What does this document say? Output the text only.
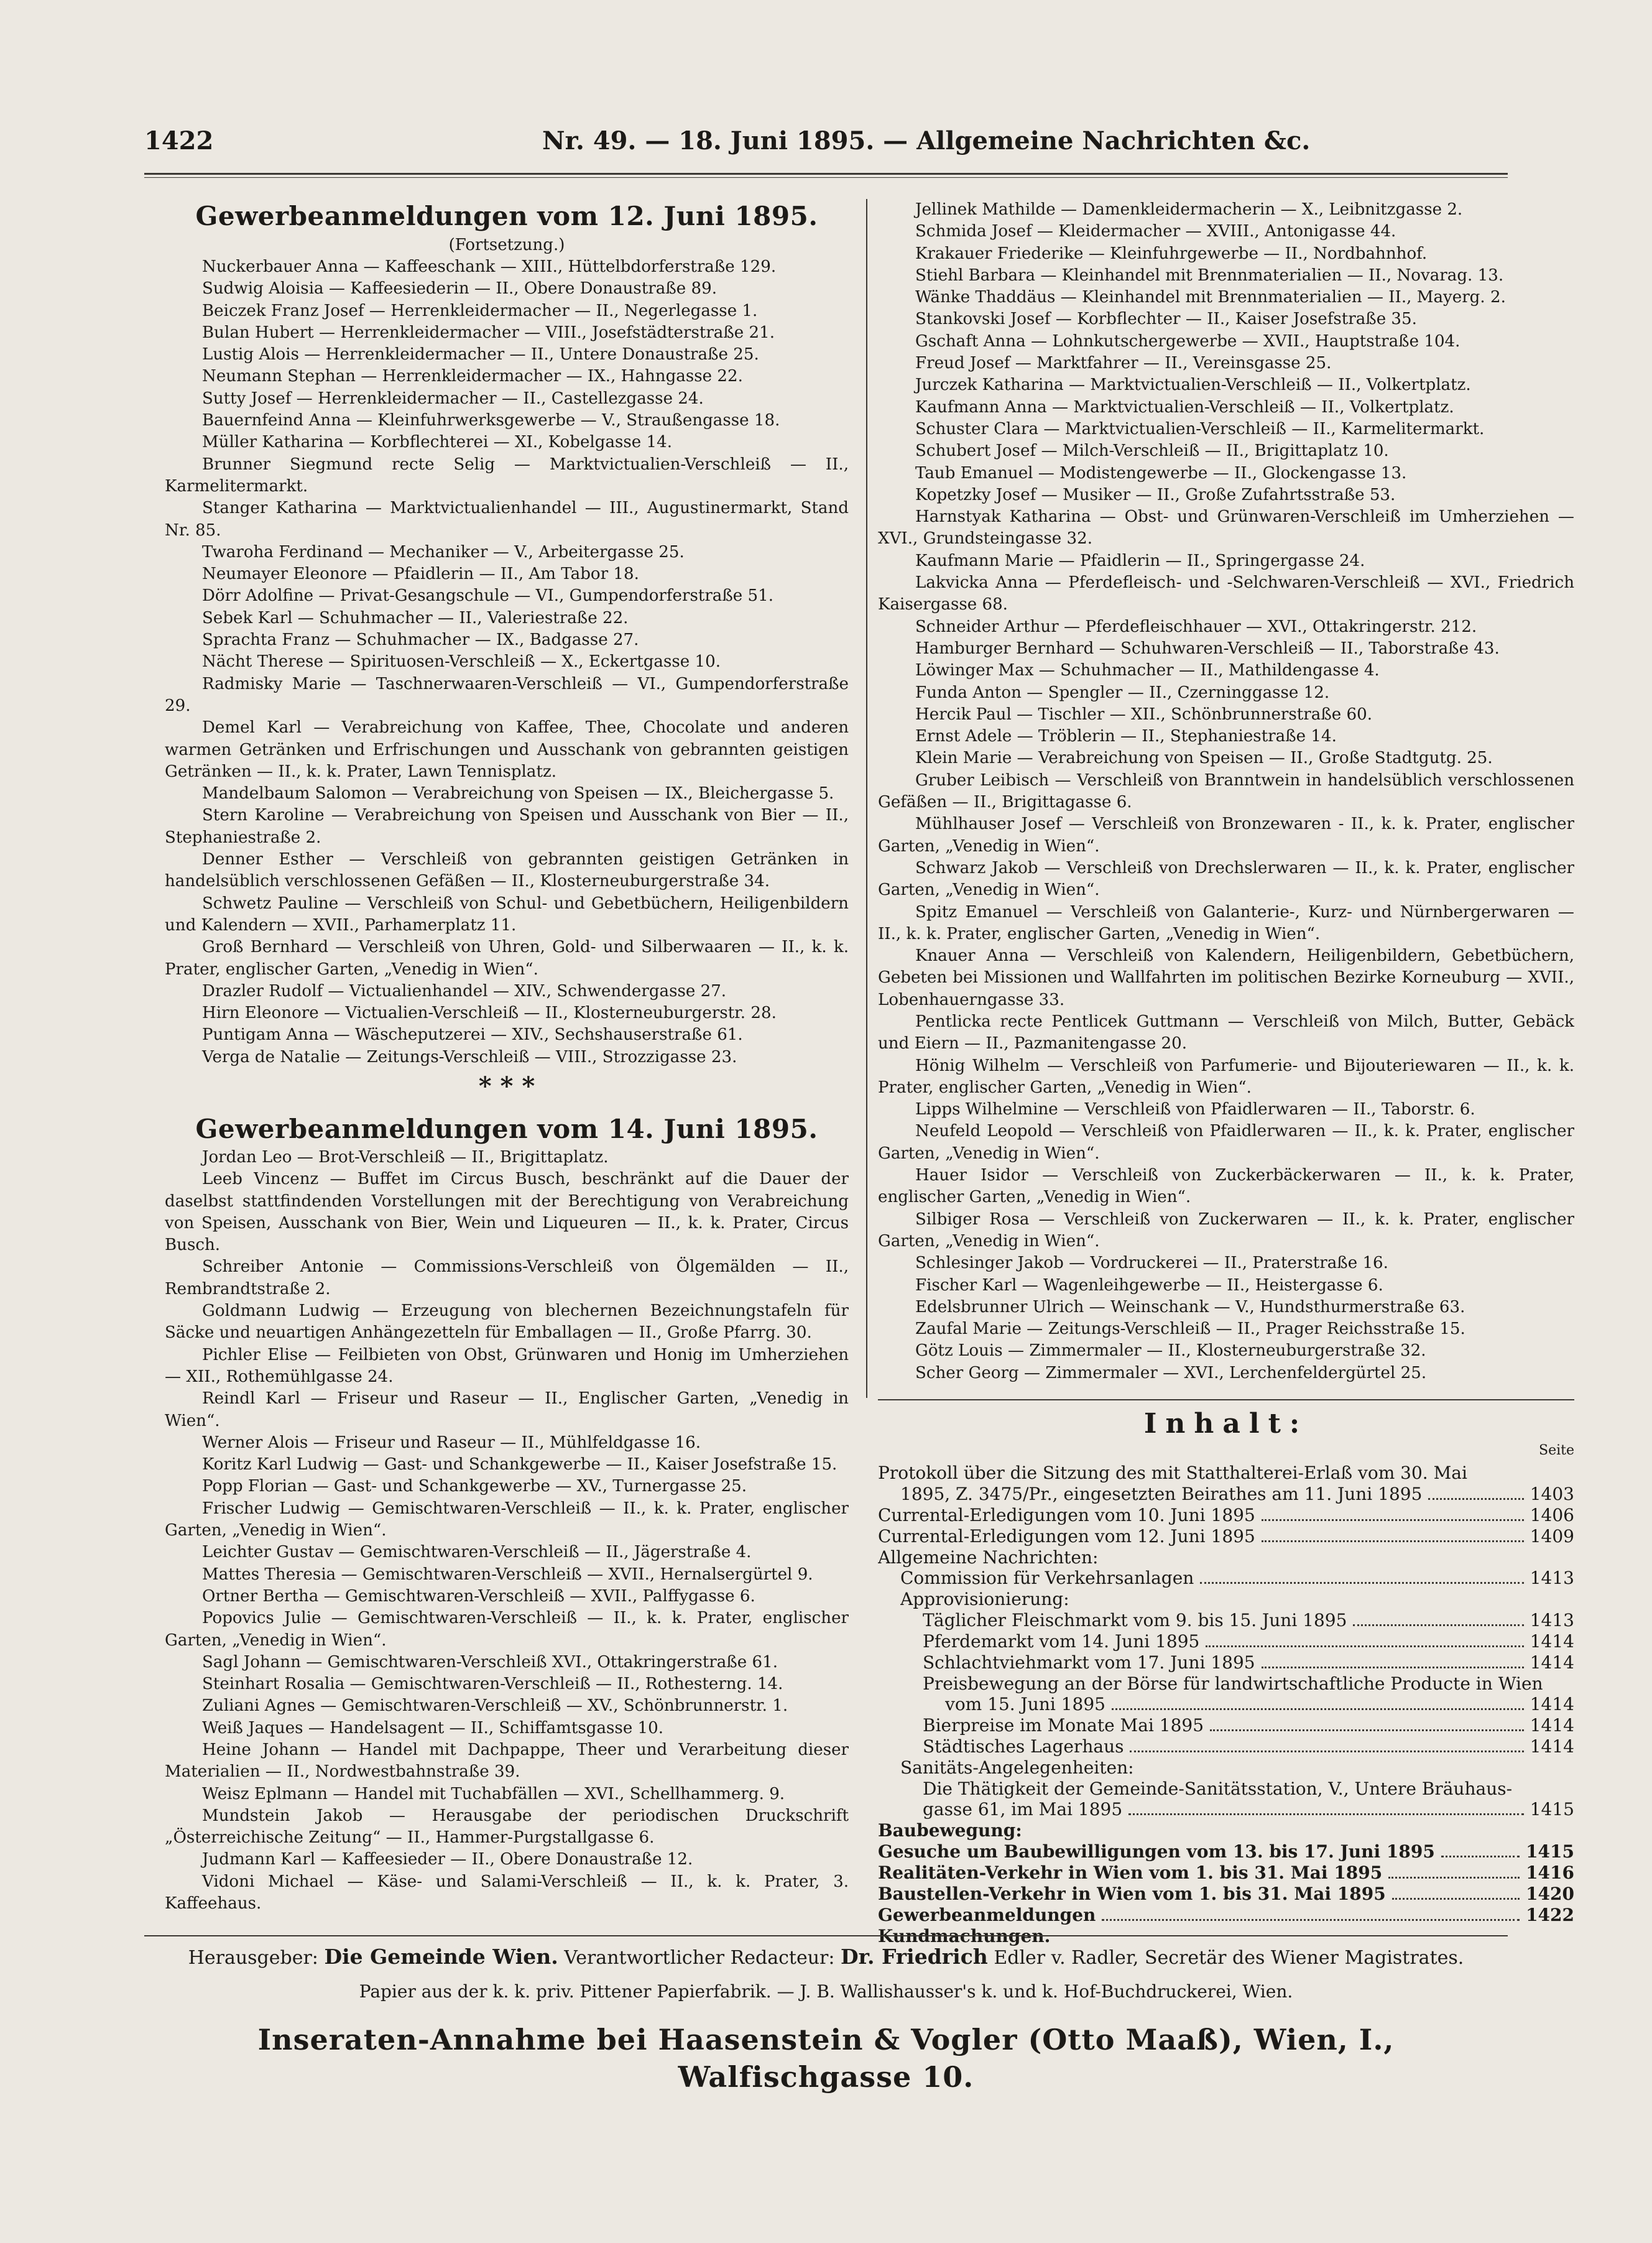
1422	Nr. 49. — 18. Juni 1895. — Allgemeine Nachrichten &c.
Gewerbeanmeldungen vom 12. Juni 1895.
(Fortsetzung.)
Nuckerbauer Anna — Kaffeeschank — XIII., Hüttelbdorferstraße 129.
Sudwig Aloisia — Kaffeesiederin — II., Obere Donaustraße 89.
Beiczek Franz Josef — Herrenkleidermacher — II., Negerlegasse 1.
Bulan Hubert — Herrenkleidermacher — VIII., Josefstädterstraße 21.
Lustig Alois — Herrenkleidermacher — II., Untere Donaustraße 25.
Neumann Stephan — Herrenkleidermacher — IX., Hahngasse 22.
Sutty Josef — Herrenkleidermacher — II., Castellezgasse 24.
Bauernfeind Anna — Kleinfuhrwerksgewerbe — V., Straußengasse 18.
Müller Katharina — Korbflechterei — XI., Kobelgasse 14.
Brunner Siegmund recte Selig — Marktvictualien-Verschleiß — II., Karmelitermarkt.
Stanger Katharina — Marktvictualienhandel — III., Augustinermarkt, Stand Nr. 85.
Twaroha Ferdinand — Mechaniker — V., Arbeitergasse 25.
Neumayer Eleonore — Pfaidlerin — II., Am Tabor 18.
Dörr Adolfine — Privat-Gesangschule — VI., Gumpendorferstraße 51.
Sebek Karl — Schuhmacher — II., Valeriestraße 22.
Sprachta Franz — Schuhmacher — IX., Badgasse 27.
Nächt Therese — Spirituosen-Verschleiß — X., Eckertgasse 10.
Radmisky Marie — Taschnerwaaren-Verschleiß — VI., Gumpendorferstraße 29.
Demel Karl — Verabreichung von Kaffee, Thee, Chocolate und anderen warmen Getränken und Erfrischungen und Ausschank von gebrannten geistigen Getränken — II., k. k. Prater, Lawn Tennisplatz.
Mandelbaum Salomon — Verabreichung von Speisen — IX., Bleichergasse 5.
Stern Karoline — Verabreichung von Speisen und Ausschank von Bier — II., Stephaniestraße 2.
Denner Esther — Verschleiß von gebrannten geistigen Getränken in handelsüblich verschlossenen Gefäßen — II., Klosterneuburgerstraße 34.
Schwetz Pauline — Verschleiß von Schul- und Gebetbüchern, Heiligenbildern und Kalendern — XVII., Parhamerplatz 11.
Groß Bernhard — Verschleiß von Uhren, Gold- und Silberwaaren — II., k. k. Prater, englischer Garten, „Venedig in Wien“.
Drazler Rudolf — Victualienhandel — XIV., Schwendergasse 27.
Hirn Eleonore — Victualien-Verschleiß — II., Klosterneuburgerstr. 28.
Puntigam Anna — Wäscheputzerei — XIV., Sechshauserstraße 61.
Verga de Natalie — Zeitungs-Verschleiß — VIII., Strozzigasse 23.
* * *
Gewerbeanmeldungen vom 14. Juni 1895.
Jordan Leo — Brot-Verschleiß — II., Brigittaplatz.
Leeb Vincenz — Buffet im Circus Busch, beschränkt auf die Dauer der daselbst stattfindenden Vorstellungen mit der Berechtigung von Verabreichung von Speisen, Ausschank von Bier, Wein und Liqueuren — II., k. k. Prater, Circus Busch.
Schreiber Antonie — Commissions-Verschleiß von Ölgemälden — II., Rembrandtstraße 2.
Goldmann Ludwig — Erzeugung von blechernen Bezeichnungstafeln für Säcke und neuartigen Anhängezetteln für Emballagen — II., Große Pfarrg. 30.
Pichler Elise — Feilbieten von Obst, Grünwaren und Honig im Umherziehen — XII., Rothemühlgasse 24.
Reindl Karl — Friseur und Raseur — II., Englischer Garten, „Venedig in Wien“.
Werner Alois — Friseur und Raseur — II., Mühlfeldgasse 16.
Koritz Karl Ludwig — Gast- und Schankgewerbe — II., Kaiser Josefstraße 15.
Popp Florian — Gast- und Schankgewerbe — XV., Turnergasse 25.
Frischer Ludwig — Gemischtwaren-Verschleiß — II., k. k. Prater, englischer Garten, „Venedig in Wien“.
Leichter Gustav — Gemischtwaren-Verschleiß — II., Jägerstraße 4.
Mattes Theresia — Gemischtwaren-Verschleiß — XVII., Hernalsergürtel 9.
Ortner Bertha — Gemischtwaren-Verschleiß — XVII., Palffygasse 6.
Popovics Julie — Gemischtwaren-Verschleiß — II., k. k. Prater, englischer Garten, „Venedig in Wien“.
Sagl Johann — Gemischtwaren-Verschleiß XVI., Ottakringerstraße 61.
Steinhart Rosalia — Gemischtwaren-Verschleiß — II., Rothesterng. 14.
Zuliani Agnes — Gemischtwaren-Verschleiß — XV., Schönbrunnerstr. 1.
Weiß Jaques — Handelsagent — II., Schiffamtsgasse 10.
Heine Johann — Handel mit Dachpappe, Theer und Verarbeitung dieser Materialien — II., Nordwestbahnstraße 39.
Weisz Eplmann — Handel mit Tuchabfällen — XVI., Schellhammerg. 9.
Mundstein Jakob — Herausgabe der periodischen Druckschrift „Österreichische Zeitung“ — II., Hammer-Purgstallgasse 6.
Judmann Karl — Kaffeesieder — II., Obere Donaustraße 12.
Vidoni Michael — Käse- und Salami-Verschleiß — II., k. k. Prater, 3. Kaffeehaus.
Jellinek Mathilde — Damenkleidermacherin — X., Leibnitzgasse 2.
Schmida Josef — Kleidermacher — XVIII., Antonigasse 44.
Krakauer Friederike — Kleinfuhrgewerbe — II., Nordbahnhof.
Stiehl Barbara — Kleinhandel mit Brennmaterialien — II., Novarag. 13.
Wänke Thaddäus — Kleinhandel mit Brennmaterialien — II., Mayerg. 2.
Stankovski Josef — Korbflechter — II., Kaiser Josefstraße 35.
Gschaft Anna — Lohnkutschergewerbe — XVII., Hauptstraße 104.
Freud Josef — Marktfahrer — II., Vereinsgasse 25.
Jurczek Katharina — Marktvictualien-Verschleiß — II., Volkertplatz.
Kaufmann Anna — Marktvictualien-Verschleiß — II., Volkertplatz.
Schuster Clara — Marktvictualien-Verschleiß — II., Karmelitermarkt.
Schubert Josef — Milch-Verschleiß — II., Brigittaplatz 10.
Taub Emanuel — Modistengewerbe — II., Glockengasse 13.
Kopetzky Josef — Musiker — II., Große Zufahrtsstraße 53.
Harnstyak Katharina — Obst- und Grünwaren-Verschleiß im Umherziehen — XVI., Grundsteingasse 32.
Kaufmann Marie — Pfaidlerin — II., Springergasse 24.
Lakvicka Anna — Pferdefleisch- und -Selchwaren-Verschleiß — XVI., Friedrich Kaisergasse 68.
Schneider Arthur — Pferdefleischhauer — XVI., Ottakringerstr. 212.
Hamburger Bernhard — Schuhwaren-Verschleiß — II., Taborstraße 43.
Löwinger Max — Schuhmacher — II., Mathildengasse 4.
Funda Anton — Spengler — II., Czerninggasse 12.
Hercik Paul — Tischler — XII., Schönbrunnerstraße 60.
Ernst Adele — Tröblerin — II., Stephaniestraße 14.
Klein Marie — Verabreichung von Speisen — II., Große Stadtgutg. 25.
Gruber Leibisch — Verschleiß von Branntwein in handelsüblich verschlossenen Gefäßen — II., Brigittagasse 6.
Mühlhauser Josef — Verschleiß von Bronzewaren - II., k. k. Prater, englischer Garten, „Venedig in Wien“.
Schwarz Jakob — Verschleiß von Drechslerwaren — II., k. k. Prater, englischer Garten, „Venedig in Wien“.
Spitz Emanuel — Verschleiß von Galanterie-, Kurz- und Nürnbergerwaren — II., k. k. Prater, englischer Garten, „Venedig in Wien“.
Knauer Anna — Verschleiß von Kalendern, Heiligenbildern, Gebetbüchern, Gebeten bei Missionen und Wallfahrten im politischen Bezirke Korneuburg — XVII., Lobenhauerngasse 33.
Pentlicka recte Pentlicek Guttmann — Verschleiß von Milch, Butter, Gebäck und Eiern — II., Pazmanitengasse 20.
Hönig Wilhelm — Verschleiß von Parfumerie- und Bijouteriewaren — II., k. k. Prater, englischer Garten, „Venedig in Wien“.
Lipps Wilhelmine — Verschleiß von Pfaidlerwaren — II., Taborstr. 6.
Neufeld Leopold — Verschleiß von Pfaidlerwaren — II., k. k. Prater, englischer Garten, „Venedig in Wien“.
Hauer Isidor — Verschleiß von Zuckerbäckerwaren — II., k. k. Prater, englischer Garten, „Venedig in Wien“.
Silbiger Rosa — Verschleiß von Zuckerwaren — II., k. k. Prater, englischer Garten, „Venedig in Wien“.
Schlesinger Jakob — Vordruckerei — II., Praterstraße 16.
Fischer Karl — Wagenleihgewerbe — II., Heistergasse 6.
Edelsbrunner Ulrich — Weinschank — V., Hundsthurmerstraße 63.
Zaufal Marie — Zeitungs-Verschleiß — II., Prager Reichsstraße 15.
Götz Louis — Zimmermaler — II., Klosterneuburgerstraße 32.
Scher Georg — Zimmermaler — XVI., Lerchenfeldergürtel 25.
Inhalt:
Seite
Protokoll über die Sitzung des mit Statthalterei-Erlaß vom 30. Mai
1895, Z. 3475/Pr., eingesetzten Beirathes am 11. Juni 1895	1403
Currental-Erledigungen vom 10. Juni 1895	1406
Currental-Erledigungen vom 12. Juni 1895	1409
Allgemeine Nachrichten:
Commission für Verkehrsanlagen	1413
Approvisionierung:
Täglicher Fleischmarkt vom 9. bis 15. Juni 1895	1413
Pferdemarkt vom 14. Juni 1895	1414
Schlachtviehmarkt vom 17. Juni 1895	1414
Preisbewegung an der Börse für landwirtschaftliche Producte in Wien
vom 15. Juni 1895	1414
Bierpreise im Monate Mai 1895	1414
Städtisches Lagerhaus	1414
Sanitäts-Angelegenheiten:
Die Thätigkeit der Gemeinde-Sanitätsstation, V., Untere Bräuhaus-
gasse 61, im Mai 1895	1415
Baubewegung:
Gesuche um Baubewilligungen vom 13. bis 17. Juni 1895	1415
Realitäten-Verkehr in Wien vom 1. bis 31. Mai 1895	1416
Baustellen-Verkehr in Wien vom 1. bis 31. Mai 1895	1420
Gewerbeanmeldungen	1422
Kundmachungen.
Herausgeber: Die Gemeinde Wien. Verantwortlicher Redacteur: Dr. Friedrich Edler v. Radler, Secretär des Wiener Magistrates.
Papier aus der k. k. priv. Pittener Papierfabrik. — J. B. Wallishausser's k. und k. Hof-Buchdruckerei, Wien.
Inseraten-Annahme bei Haasenstein & Vogler (Otto Maaß), Wien, I., Walfischgasse 10.
